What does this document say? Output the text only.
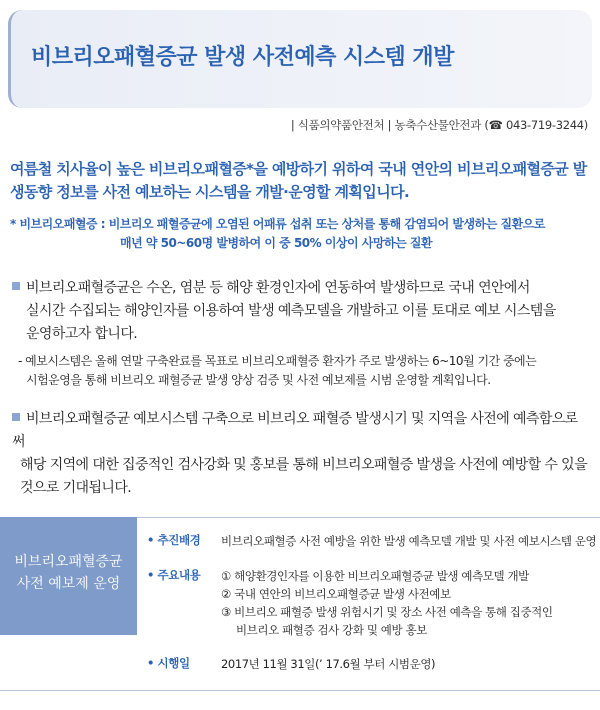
비브리오패혈증균 발생 사전예측 시스템 개발
| 식품의약품안전처 | 농축수산물안전과 (☎ 043-719-3244)
여름철 치사율이 높은 비브리오패혈증*을 예방하기 위하여 국내 연안의 비브리오패혈증균 발생동향 정보를 사전 예보하는 시스템을 개발·운영할 계획입니다.
* 비브리오패혈증 : 비브리오 패혈증균에 오염된 어패류 섭취 또는 상처를 통해 감염되어 발생하는 질환으로
매년 약 50~60명 발병하여 이 중 50% 이상이 사망하는 질환
비브리오패혈증균은 수온, 염분 등 해양 환경인자에 연동하여 발생하므로 국내 연안에서
실시간 수집되는 해양인자를 이용하여 발생 예측모델을 개발하고 이를 토대로 예보 시스템을
운영하고자 합니다.
- 예보시스템은 올해 연말 구축완료를 목표로 비브리오패혈증 환자가 주로 발생하는 6~10월 기간 중에는
시험운영을 통해 비브리오 패혈증균 발생 양상 검증 및 사전 예보제를 시범 운영할 계획입니다.
비브리오패혈증균 예보시스템 구축으로 비브리오 패혈증 발생시기 및 지역을 사전에 예측함으로써
해당 지역에 대한 집중적인 검사강화 및 홍보를 통해 비브리오패혈증 발생을 사전에 예방할 수 있을
것으로 기대됩니다.
비브리오패혈증균
사전 예보제 운영
• 추진배경 비브리오패혈증 사전 예방을 위한 발생 예측모델 개발 및 사전 예보시스템 운영
• 주요내용 ① 해양환경인자를 이용한 비브리오패혈증균 발생 예측모델 개발
② 국내 연안의 비브리오패혈증균 발생 사전예보
③ 비브리오 패혈증 발생 위험시기 및 장소 사전 예측을 통해 집중적인
비브리오 패혈증 검사 강화 및 예방 홍보
• 시행일	2017년 11월 31일(’ 17.6월 부터 시범운영)
